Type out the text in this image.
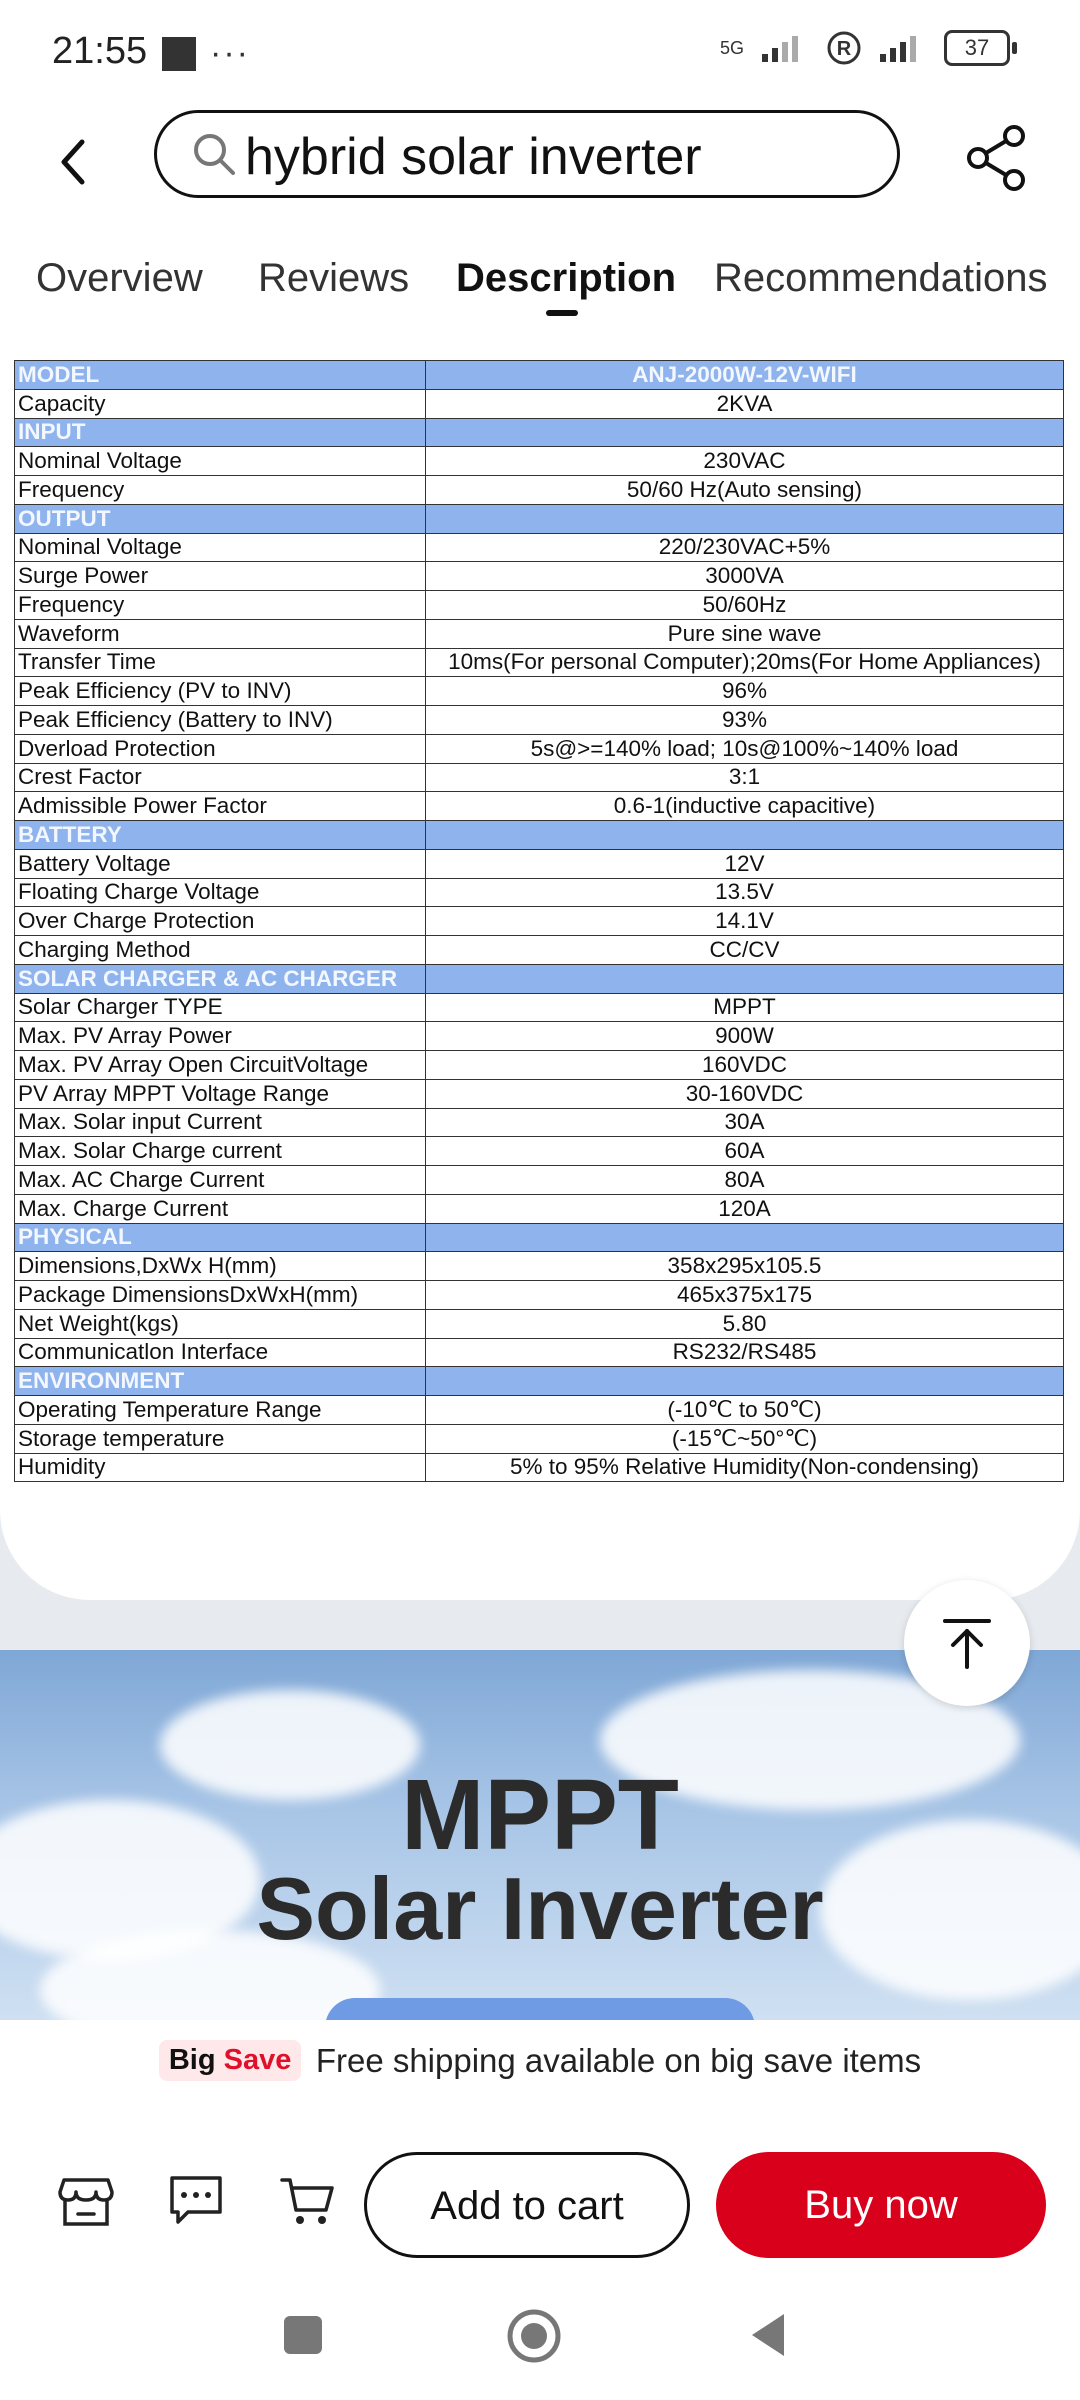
21:55 ···	5G	R	37
hybrid solar inverter
Overview Reviews Description Recommendations
MODEL	ANJ-2000W-12V-WIFI
Capacity	2KVA
INPUT	
Nominal Voltage	230VAC
Frequency	50/60 Hz(Auto sensing)
OUTPUT	
Nominal Voltage	220/230VAC+5%
Surge Power	3000VA
Frequency	50/60Hz
Waveform	Pure sine wave
Transfer Time	10ms(For personal Computer);20ms(For Home Appliances)
Peak Efficiency (PV to INV)	96%
Peak Efficiency (Battery to INV)	93%
Dverload Protection	5s@>=140% load; 10s@100%~140% load
Crest Factor	3:1
Admissible Power Factor	0.6-1(inductive capacitive)
BATTERY	
Battery Voltage	12V
Floating Charge Voltage	13.5V
Over Charge Protection	14.1V
Charging Method	CC/CV
SOLAR CHARGER & AC CHARGER	
Solar Charger TYPE	MPPT
Max. PV Array Power	900W
Max. PV Array Open CircuitVoltage	160VDC
PV Array MPPT Voltage Range	30-160VDC
Max. Solar input Current	30A
Max. Solar Charge current	60A
Max. AC Charge Current	80A
Max. Charge Current	120A
PHYSICAL	
Dimensions,DxWx H(mm)	358x295x105.5
Package DimensionsDxWxH(mm)	465x375x175
Net Weight(kgs)	5.80
Communicatlon Interface	RS232/RS485
ENVIRONMENT	
Operating Temperature Range	(-10℃ to 50℃)
Storage temperature	(-15℃~50°℃)
Humidity	5% to 95% Relative Humidity(Non-condensing)
MPPT
Solar Inverter
Big Save Free shipping available on big save items
Add to cart	Buy now
